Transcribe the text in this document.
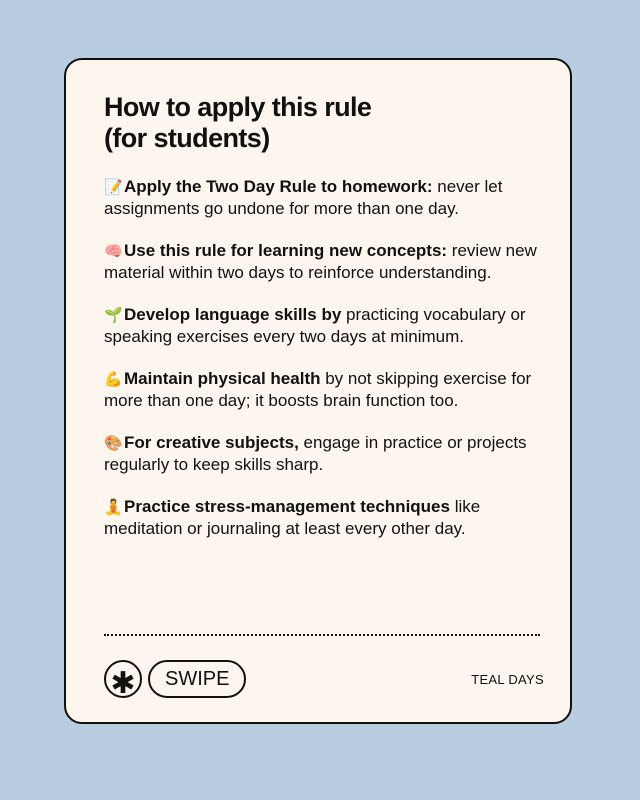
How to apply this rule
(for students)
📝Apply the Two Day Rule to homework: never let assignments go undone for more than one day.
🧠Use this rule for learning new concepts: review new material within two days to reinforce understanding.
🌱Develop language skills by practicing vocabulary or speaking exercises every two days at minimum.
💪Maintain physical health by not skipping exercise for more than one day; it boosts brain function too.
🎨For creative subjects, engage in practice or projects regularly to keep skills sharp.
🧘Practice stress-management techniques like meditation or journaling at least every other day.
✱	SWIPE	TEAL DAYS
